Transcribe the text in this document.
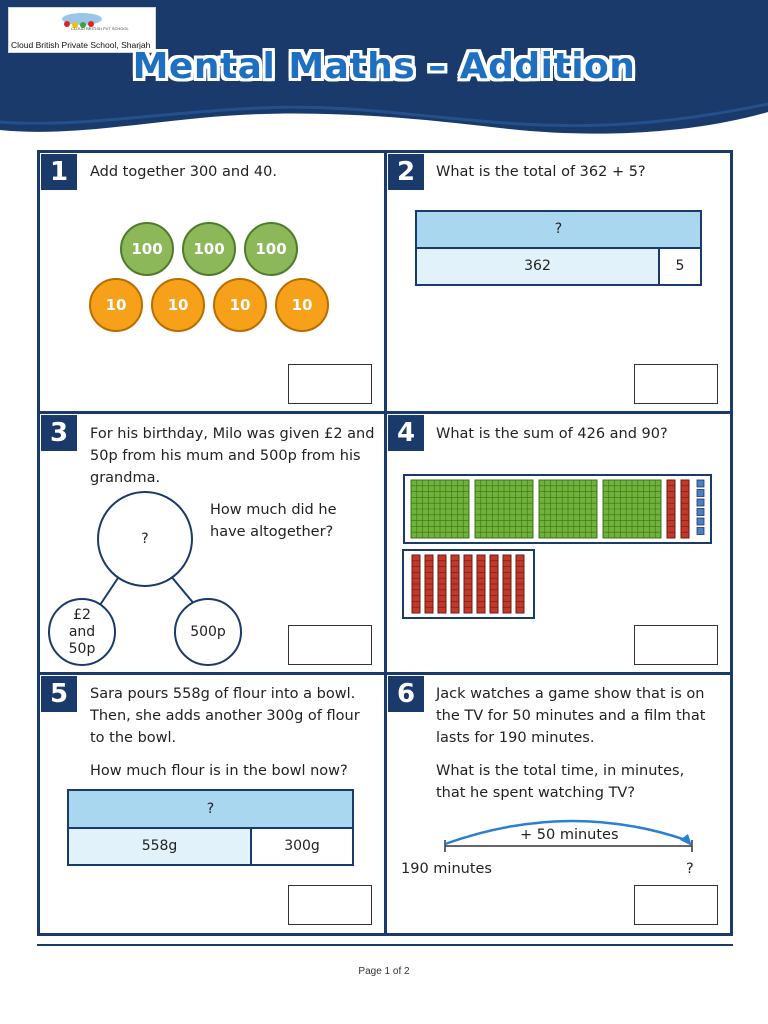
CLOUD BRITISH PVT SCHOOL
Cloud British Private School, Sharjah
Mental Maths – Addition
1	Add together 300 and 40.
100	100	100
10	10	10	10
2	What is the total of 362 + 5?
?
362	5
3	For his birthday, Milo was given £2 and 50p from his mum and 500p from his grandma.
How much did he have altogether?
?
£2 and 50p
500p
4	What is the sum of 426 and 90?
5	Sara pours 558g of flour into a bowl. Then, she adds another 300g of flour to the bowl.
How much flour is in the bowl now?
?
558g	300g
6	Jack watches a game show that is on the TV for 50 minutes and a film that lasts for 190 minutes.
What is the total time, in minutes, that he spent watching TV?
+ 50 minutes
190 minutes	?
Page 1 of 2
